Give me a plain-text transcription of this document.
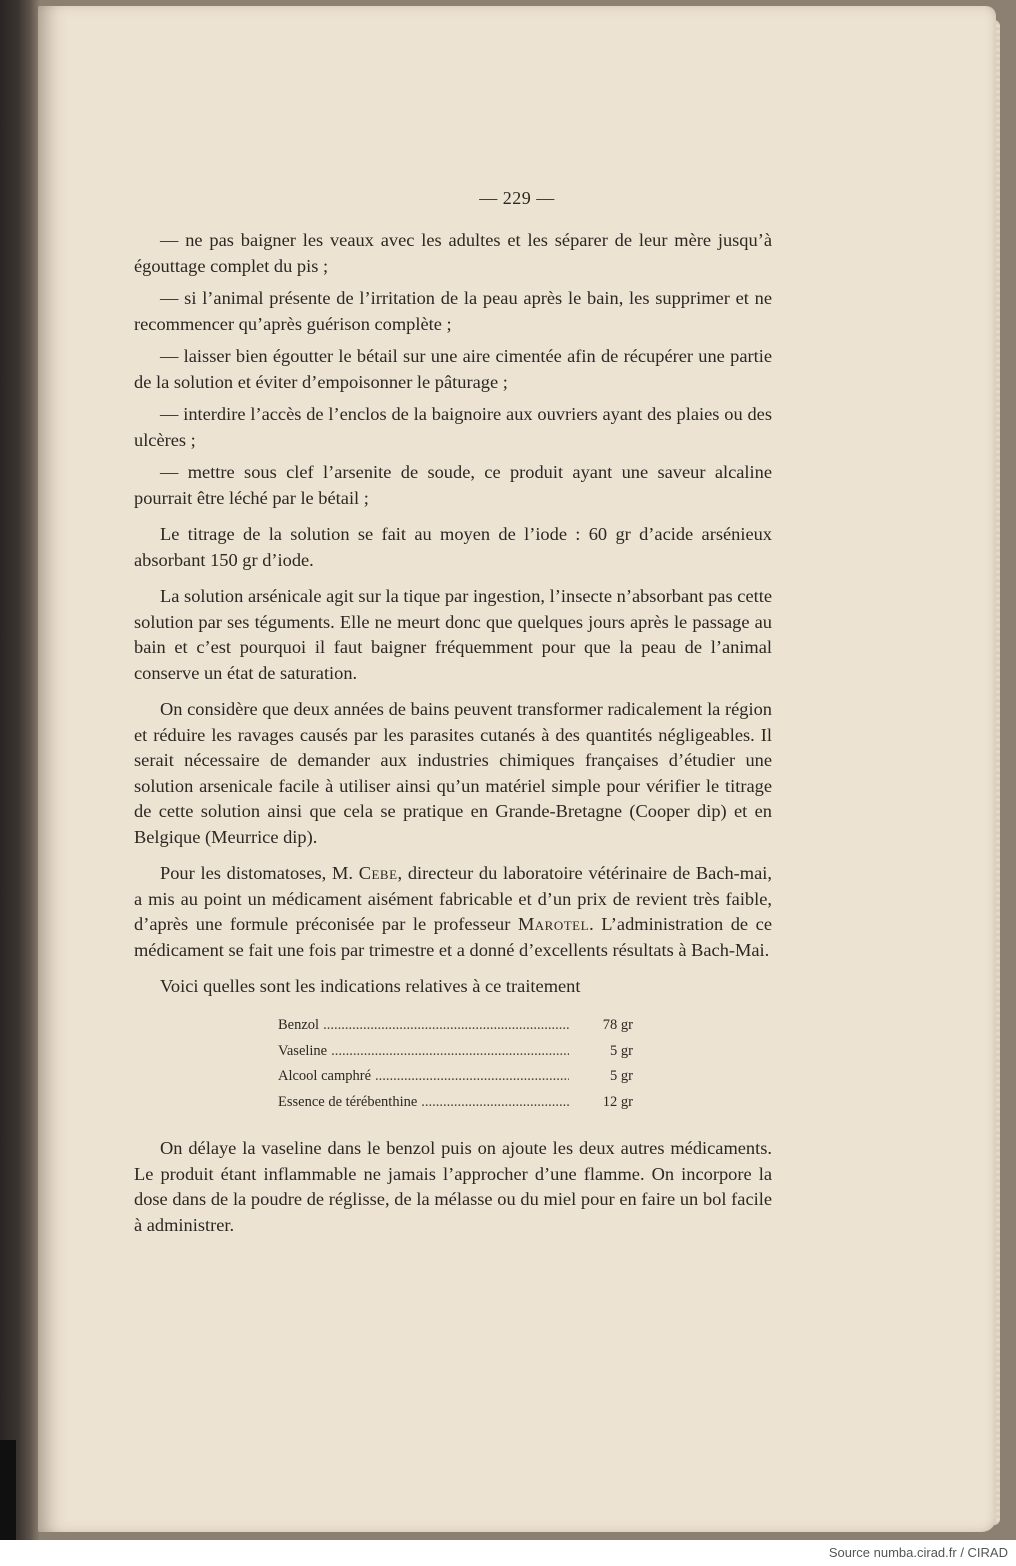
— 229 —

— ne pas baigner les veaux avec les adultes et les séparer de leur mère jusqu’à égouttage complet du pis ;

— si l’animal présente de l’irritation de la peau après le bain, les supprimer et ne recommencer qu’après guérison complète ;

— laisser bien égoutter le bétail sur une aire cimentée afin de récupérer une partie de la solution et éviter d’empoisonner le pâturage ;

— interdire l’accès de l’enclos de la baignoire aux ouvriers ayant des plaies ou des ulcères ;

— mettre sous clef l’arsenite de soude, ce produit ayant une saveur alcaline pourrait être léché par le bétail ;

Le titrage de la solution se fait au moyen de l’iode : 60 gr d’acide arsénieux absorbant 150 gr d’iode.

La solution arsénicale agit sur la tique par ingestion, l’insecte n’absorbant pas cette solution par ses téguments. Elle ne meurt donc que quelques jours après le passage au bain et c’est pourquoi il faut baigner fréquemment pour que la peau de l’animal conserve un état de saturation.

On considère que deux années de bains peuvent transformer radicalement la région et réduire les ravages causés par les parasites cutanés à des quantités négligeables. Il serait nécessaire de demander aux industries chimiques françaises d’étudier une solution arsenicale facile à utiliser ainsi qu’un matériel simple pour vérifier le titrage de cette solution ainsi que cela se pratique en Grande-Bretagne (Cooper dip) et en Belgique (Meurrice dip).

Pour les distomatoses, M. Cebe, directeur du laboratoire vétérinaire de Bach-mai, a mis au point un médicament aisément fabricable et d’un prix de revient très faible, d’après une formule préconisée par le professeur Marotel. L’administration de ce médicament se fait une fois par trimestre et a donné d’excellents résultats à Bach-Mai.

Voici quelles sont les indications relatives à ce traitement

Benzol .....	78 gr
Vaseline .....	5 gr
Alcool camphré .....	5 gr
Essence de térébenthine .....	12 gr

On délaye la vaseline dans le benzol puis on ajoute les deux autres médicaments. Le produit étant inflammable ne jamais l’approcher d’une flamme. On incorpore la dose dans de la poudre de réglisse, de la mélasse ou du miel pour en faire un bol facile à administrer.

Source numba.cirad.fr / CIRAD
